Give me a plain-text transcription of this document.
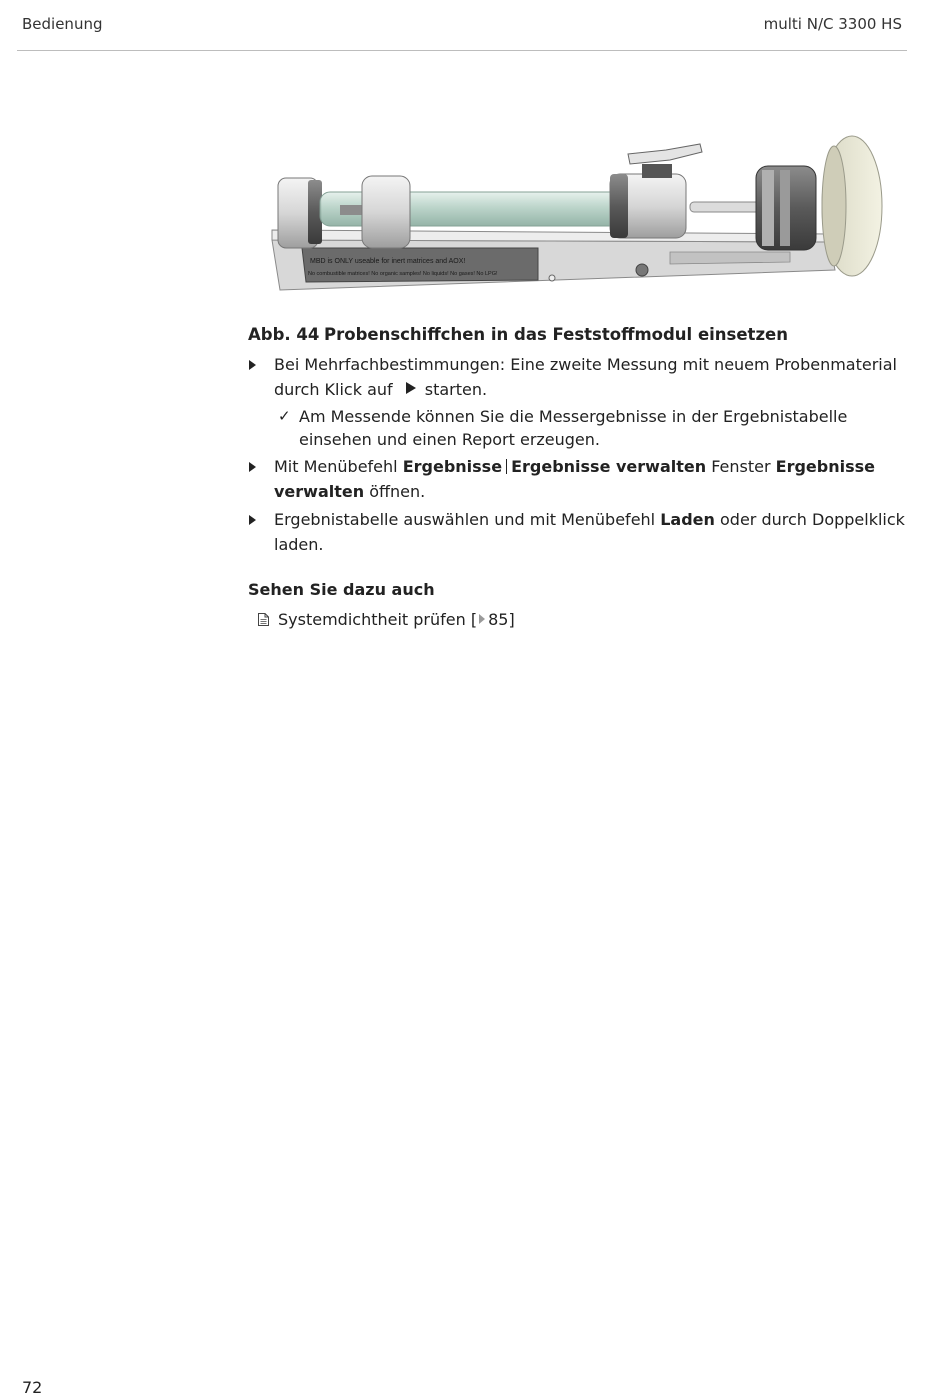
Bedienung	multi N/C 3300 HS
MBD is ONLY useable for inert matrices and AOX!
No combustible matrices! No organic samples! No liquids! No gases! No LPG!
Abb. 44 Probenschiffchen in das Feststoffmodul einsetzen
Bei Mehrfachbestimmungen: Eine zweite Messung mit neuem Probenmaterial durch Klick auf starten.
✓ Am Messende können Sie die Messergebnisse in der Ergebnistabelle einsehen und einen Report erzeugen.
Mit Menübefehl Ergebnisse Ergebnisse verwalten Fenster Ergebnisse verwalten öffnen.
Ergebnistabelle auswählen und mit Menübefehl Laden oder durch Doppelklick laden.
Sehen Sie dazu auch
Systemdichtheit prüfen [ 85]
72
